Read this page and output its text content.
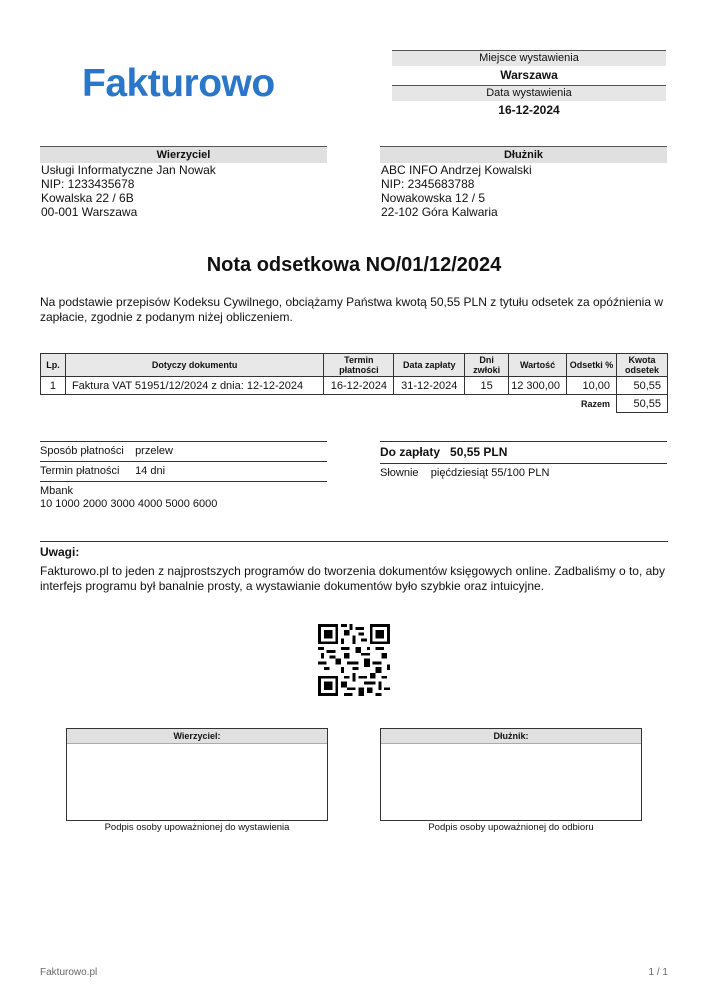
Fakturowo
Miejsce wystawienia
Warszawa
Data wystawienia
16-12-2024
Wierzyciel
Usługi Informatyczne Jan Nowak
NIP: 1233435678
Kowalska 22 / 6B
00-001 Warszawa
Dłużnik
ABC INFO Andrzej Kowalski
NIP: 2345683788
Nowakowska 12 / 5
22-102 Góra Kalwaria
Nota odsetkowa NO/01/12/2024
Na podstawie przepisów Kodeksu Cywilnego, obciążamy Państwa kwotą 50,55 PLN z tytułu odsetek za opóźnienia w zapłacie, zgodnie z podanym niżej obliczeniem.
Lp.	Dotyczy dokumentu	Termin płatności	Data zapłaty	Dni zwłoki	Wartość	Odsetki %	Kwota odsetek
1	Faktura VAT 51951/12/2024 z dnia: 12-12-2024	16-12-2024	31-12-2024	15	12 300,00	10,00	50,55
Razem							50,55
Sposób płatności przelew
Termin płatności 14 dni
Mbank
10 1000 2000 3000 4000 5000 6000
Do zapłaty 50,55 PLN
Słownie pięćdziesiąt 55/100 PLN
Uwagi:
Fakturowo.pl to jeden z najprostszych programów do tworzenia dokumentów księgowych online. Zadbaliśmy o to, aby interfejs programu był banalnie prosty, a wystawianie dokumentów było szybkie oraz intuicyjne.
Wierzyciel:
Podpis osoby upoważnionej do wystawienia
Dłużnik:
Podpis osoby upoważnionej do odbioru
Fakturowo.pl	1 / 1
